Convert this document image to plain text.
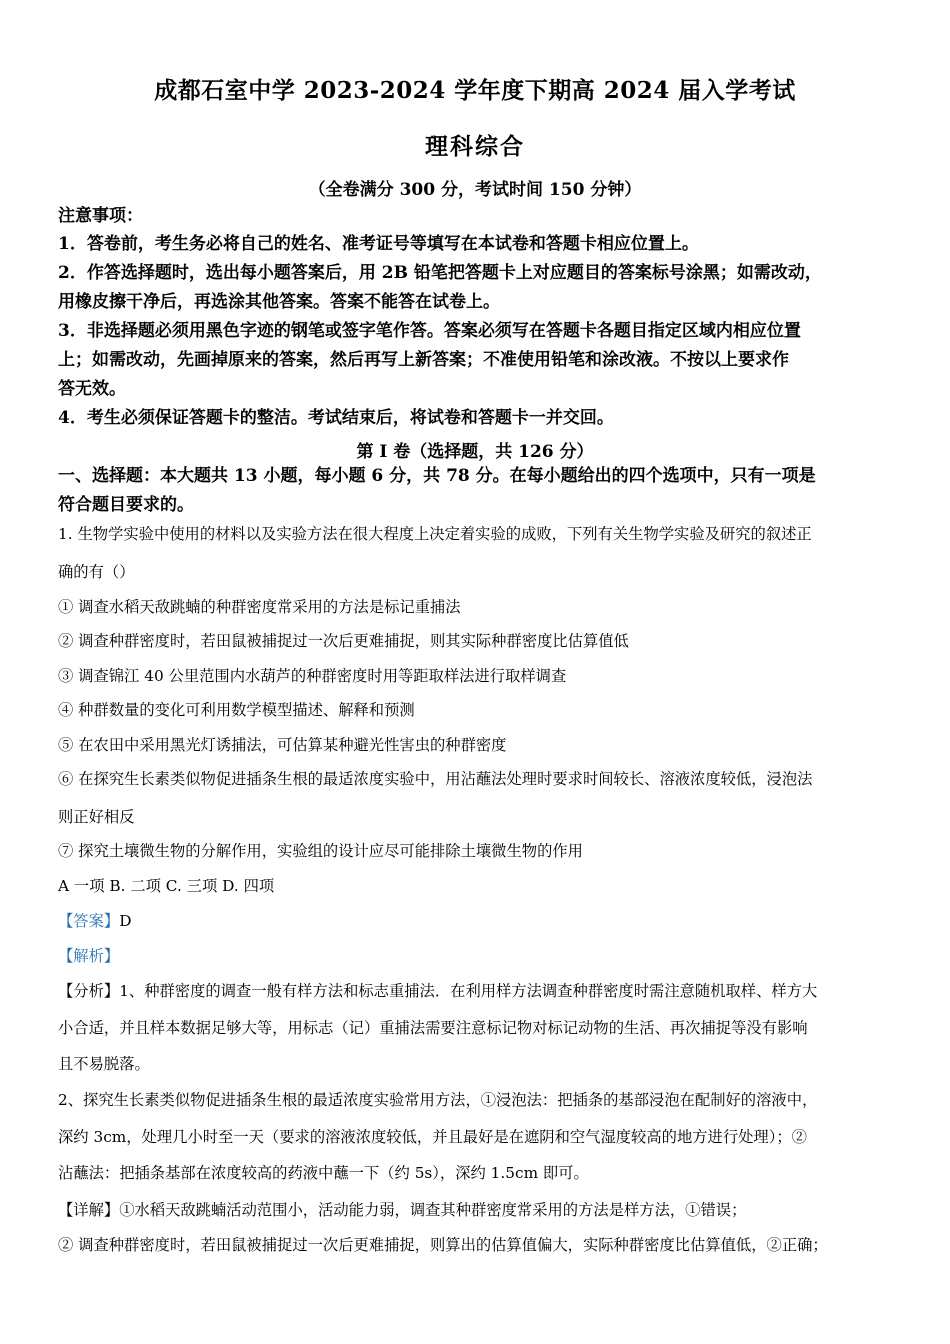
成都石室中学 2023-2024 学年度下期高 2024 届入学考试
理科综合
（全卷满分 300 分，考试时间 150 分钟）
注意事项：
1．答卷前，考生务必将自己的姓名、准考证号等填写在本试卷和答题卡相应位置上。
2．作答选择题时，选出每小题答案后，用 2B 铅笔把答题卡上对应题目的答案标号涂黑；如需改动，
用橡皮擦干净后，再选涂其他答案。答案不能答在试卷上。
3．非选择题必须用黑色字迹的钢笔或签字笔作答。答案必须写在答题卡各题目指定区域内相应位置
上；如需改动，先画掉原来的答案，然后再写上新答案；不准使用铅笔和涂改液。不按以上要求作
答无效。
4．考生必须保证答题卡的整洁。考试结束后，将试卷和答题卡一并交回。
第 I 卷（选择题，共 126 分）
一、选择题：本大题共 13 小题，每小题 6 分，共 78 分。在每小题给出的四个选项中，只有一项是
符合题目要求的。
1. 生物学实验中使用的材料以及实验方法在很大程度上决定着实验的成败，下列有关生物学实验及研究的叙述正
确的有（）
① 调查水稻天敌跳蝻的种群密度常采用的方法是标记重捕法
② 调查种群密度时，若田鼠被捕捉过一次后更难捕捉，则其实际种群密度比估算值低
③ 调查锦江 40 公里范围内水葫芦的种群密度时用等距取样法进行取样调查
④ 种群数量的变化可利用数学模型描述、解释和预测
⑤ 在农田中采用黑光灯诱捕法，可估算某种避光性害虫的种群密度
⑥ 在探究生长素类似物促进插条生根的最适浓度实验中，用沾蘸法处理时要求时间较长、溶液浓度较低，浸泡法
则正好相反
⑦ 探究土壤微生物的分解作用，实验组的设计应尽可能排除土壤微生物的作用
A 一项 B. 二项 C. 三项 D. 四项
【答案】D
【解析】
【分析】1、种群密度的调查一般有样方法和标志重捕法．在利用样方法调查种群密度时需注意随机取样、样方大
小合适，并且样本数据足够大等，用标志（记）重捕法需要注意标记物对标记动物的生活、再次捕捉等没有影响
且不易脱落。
2、探究生长素类似物促进插条生根的最适浓度实验常用方法，①浸泡法：把插条的基部浸泡在配制好的溶液中，
深约 3cm，处理几小时至一天（要求的溶液浓度较低，并且最好是在遮阴和空气湿度较高的地方进行处理）；②
沾蘸法：把插条基部在浓度较高的药液中蘸一下（约 5s），深约 1.5cm 即可。
【详解】①水稻天敌跳蝻活动范围小，活动能力弱，调查其种群密度常采用的方法是样方法，①错误；
② 调查种群密度时，若田鼠被捕捉过一次后更难捕捉，则算出的估算值偏大，实际种群密度比估算值低，②正确；
